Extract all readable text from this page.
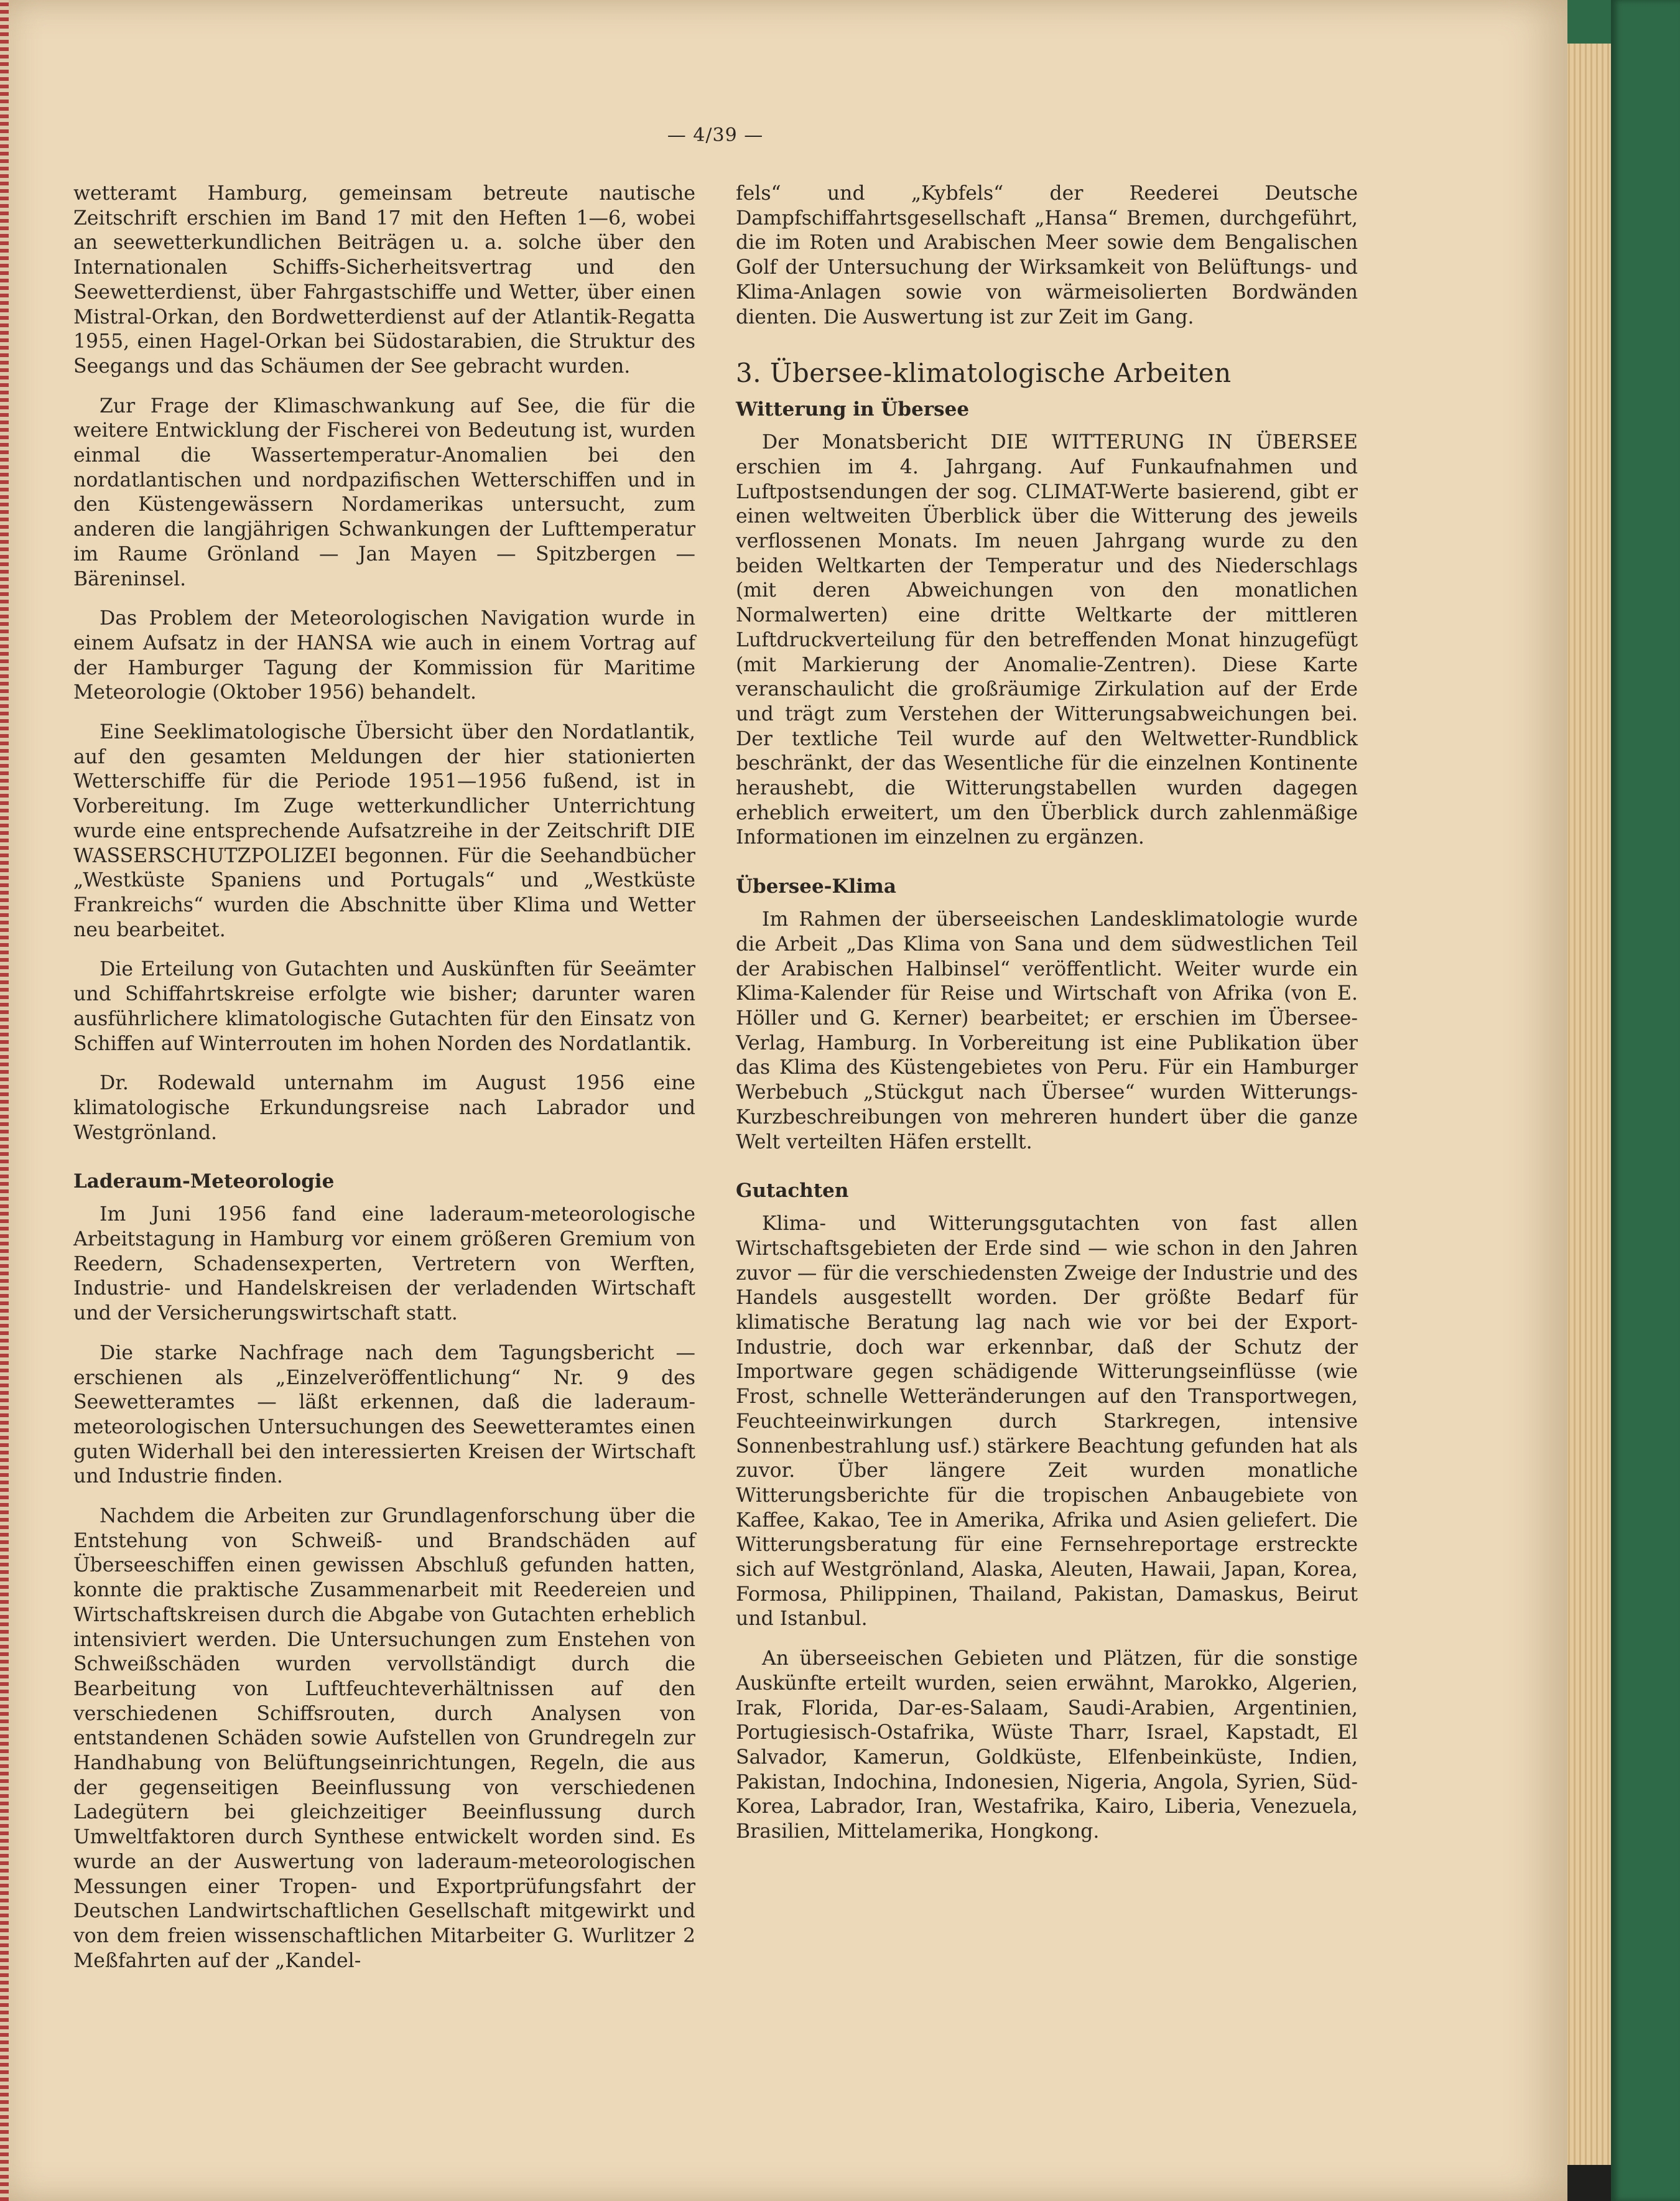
— 4/39 —

wetteramt Hamburg, gemeinsam betreute nautische Zeitschrift erschien im Band 17 mit den Heften 1—6, wobei an seewetterkundlichen Beiträgen u. a. solche über den Internationalen Schiffs-Sicherheitsvertrag und den Seewetterdienst, über Fahrgastschiffe und Wetter, über einen Mistral-Orkan, den Bordwetterdienst auf der Atlantik-Regatta 1955, einen Hagel-Orkan bei Südostarabien, die Struktur des Seegangs und das Schäumen der See gebracht wurden.

Zur Frage der Klimaschwankung auf See, die für die weitere Entwicklung der Fischerei von Bedeutung ist, wurden einmal die Wassertemperatur-Anomalien bei den nordatlantischen und nordpazifischen Wetterschiffen und in den Küstengewässern Nordamerikas untersucht, zum anderen die langjährigen Schwankungen der Lufttemperatur im Raume Grönland — Jan Mayen — Spitzbergen — Bäreninsel.

Das Problem der Meteorologischen Navigation wurde in einem Aufsatz in der HANSA wie auch in einem Vortrag auf der Hamburger Tagung der Kommission für Maritime Meteorologie (Oktober 1956) behandelt.

Eine Seeklimatologische Übersicht über den Nordatlantik, auf den gesamten Meldungen der hier stationierten Wetterschiffe für die Periode 1951—1956 fußend, ist in Vorbereitung. Im Zuge wetterkundlicher Unterrichtung wurde eine entsprechende Aufsatzreihe in der Zeitschrift DIE WASSERSCHUTZPOLIZEI begonnen. Für die Seehandbücher „Westküste Spaniens und Portugals“ und „Westküste Frankreichs“ wurden die Abschnitte über Klima und Wetter neu bearbeitet.

Die Erteilung von Gutachten und Auskünften für Seeämter und Schiffahrtskreise erfolgte wie bisher; darunter waren ausführlichere klimatologische Gutachten für den Einsatz von Schiffen auf Winterrouten im hohen Norden des Nordatlantik.

Dr. Rodewald unternahm im August 1956 eine klimatologische Erkundungsreise nach Labrador und Westgrönland.

Laderaum-Meteorologie

Im Juni 1956 fand eine laderaum-meteorologische Arbeitstagung in Hamburg vor einem größeren Gremium von Reedern, Schadensexperten, Vertretern von Werften, Industrie- und Handelskreisen der verladenden Wirtschaft und der Versicherungswirtschaft statt.

Die starke Nachfrage nach dem Tagungsbericht — erschienen als „Einzelveröffentlichung“ Nr. 9 des Seewetteramtes — läßt erkennen, daß die laderaum-meteorologischen Untersuchungen des Seewetteramtes einen guten Widerhall bei den interessierten Kreisen der Wirtschaft und Industrie finden.

Nachdem die Arbeiten zur Grundlagenforschung über die Entstehung von Schweiß- und Brandschäden auf Überseeschiffen einen gewissen Abschluß gefunden hatten, konnte die praktische Zusammenarbeit mit Reedereien und Wirtschaftskreisen durch die Abgabe von Gutachten erheblich intensiviert werden. Die Untersuchungen zum Enstehen von Schweißschäden wurden vervollständigt durch die Bearbeitung von Luftfeuchteverhältnissen auf den verschiedenen Schiffsrouten, durch Analysen von entstandenen Schäden sowie Aufstellen von Grundregeln zur Handhabung von Belüftungseinrichtungen, Regeln, die aus der gegenseitigen Beeinflussung von verschiedenen Ladegütern bei gleichzeitiger Beeinflussung durch Umweltfaktoren durch Synthese entwickelt worden sind. Es wurde an der Auswertung von laderaum-meteorologischen Messungen einer Tropen- und Exportprüfungsfahrt der Deutschen Landwirtschaftlichen Gesellschaft mitgewirkt und von dem freien wissenschaftlichen Mitarbeiter G. Wurlitzer 2 Meßfahrten auf der „Kandel-

fels“ und „Kybfels“ der Reederei Deutsche Dampfschiffahrtsgesellschaft „Hansa“ Bremen, durchgeführt, die im Roten und Arabischen Meer sowie dem Bengalischen Golf der Untersuchung der Wirksamkeit von Belüftungs- und Klima-Anlagen sowie von wärmeisolierten Bordwänden dienten. Die Auswertung ist zur Zeit im Gang.

3. Übersee-klimatologische Arbeiten
Witterung in Übersee

Der Monatsbericht DIE WITTERUNG IN ÜBERSEE erschien im 4. Jahrgang. Auf Funkaufnahmen und Luftpostsendungen der sog. CLIMAT-Werte basierend, gibt er einen weltweiten Überblick über die Witterung des jeweils verflossenen Monats. Im neuen Jahrgang wurde zu den beiden Weltkarten der Temperatur und des Niederschlags (mit deren Abweichungen von den monatlichen Normalwerten) eine dritte Weltkarte der mittleren Luftdruckverteilung für den betreffenden Monat hinzugefügt (mit Markierung der Anomalie-Zentren). Diese Karte veranschaulicht die großräumige Zirkulation auf der Erde und trägt zum Verstehen der Witterungsabweichungen bei. Der textliche Teil wurde auf den Weltwetter-Rundblick beschränkt, der das Wesentliche für die einzelnen Kontinente heraushebt, die Witterungstabellen wurden dagegen erheblich erweitert, um den Überblick durch zahlenmäßige Informationen im einzelnen zu ergänzen.

Übersee-Klima

Im Rahmen der überseeischen Landesklimatologie wurde die Arbeit „Das Klima von Sana und dem südwestlichen Teil der Arabischen Halbinsel“ veröffentlicht. Weiter wurde ein Klima-Kalender für Reise und Wirtschaft von Afrika (von E. Höller und G. Kerner) bearbeitet; er erschien im Übersee-Verlag, Hamburg. In Vorbereitung ist eine Publikation über das Klima des Küstengebietes von Peru. Für ein Hamburger Werbebuch „Stückgut nach Übersee“ wurden Witterungs-Kurzbeschreibungen von mehreren hundert über die ganze Welt verteilten Häfen erstellt.

Gutachten

Klima- und Witterungsgutachten von fast allen Wirtschaftsgebieten der Erde sind — wie schon in den Jahren zuvor — für die verschiedensten Zweige der Industrie und des Handels ausgestellt worden. Der größte Bedarf für klimatische Beratung lag nach wie vor bei der Export-Industrie, doch war erkennbar, daß der Schutz der Importware gegen schädigende Witterungseinflüsse (wie Frost, schnelle Wetteränderungen auf den Transportwegen, Feuchteeinwirkungen durch Starkregen, intensive Sonnenbestrahlung usf.) stärkere Beachtung gefunden hat als zuvor. Über längere Zeit wurden monatliche Witterungsberichte für die tropischen Anbaugebiete von Kaffee, Kakao, Tee in Amerika, Afrika und Asien geliefert. Die Witterungsberatung für eine Fernsehreportage erstreckte sich auf Westgrönland, Alaska, Aleuten, Hawaii, Japan, Korea, Formosa, Philippinen, Thailand, Pakistan, Damaskus, Beirut und Istanbul.

An überseeischen Gebieten und Plätzen, für die sonstige Auskünfte erteilt wurden, seien erwähnt, Marokko, Algerien, Irak, Florida, Dar-es-Salaam, Saudi-Arabien, Argentinien, Portugiesisch-Ostafrika, Wüste Tharr, Israel, Kapstadt, El Salvador, Kamerun, Goldküste, Elfenbeinküste, Indien, Pakistan, Indochina, Indonesien, Nigeria, Angola, Syrien, Süd-Korea, Labrador, Iran, Westafrika, Kairo, Liberia, Venezuela, Brasilien, Mittelamerika, Hongkong.
